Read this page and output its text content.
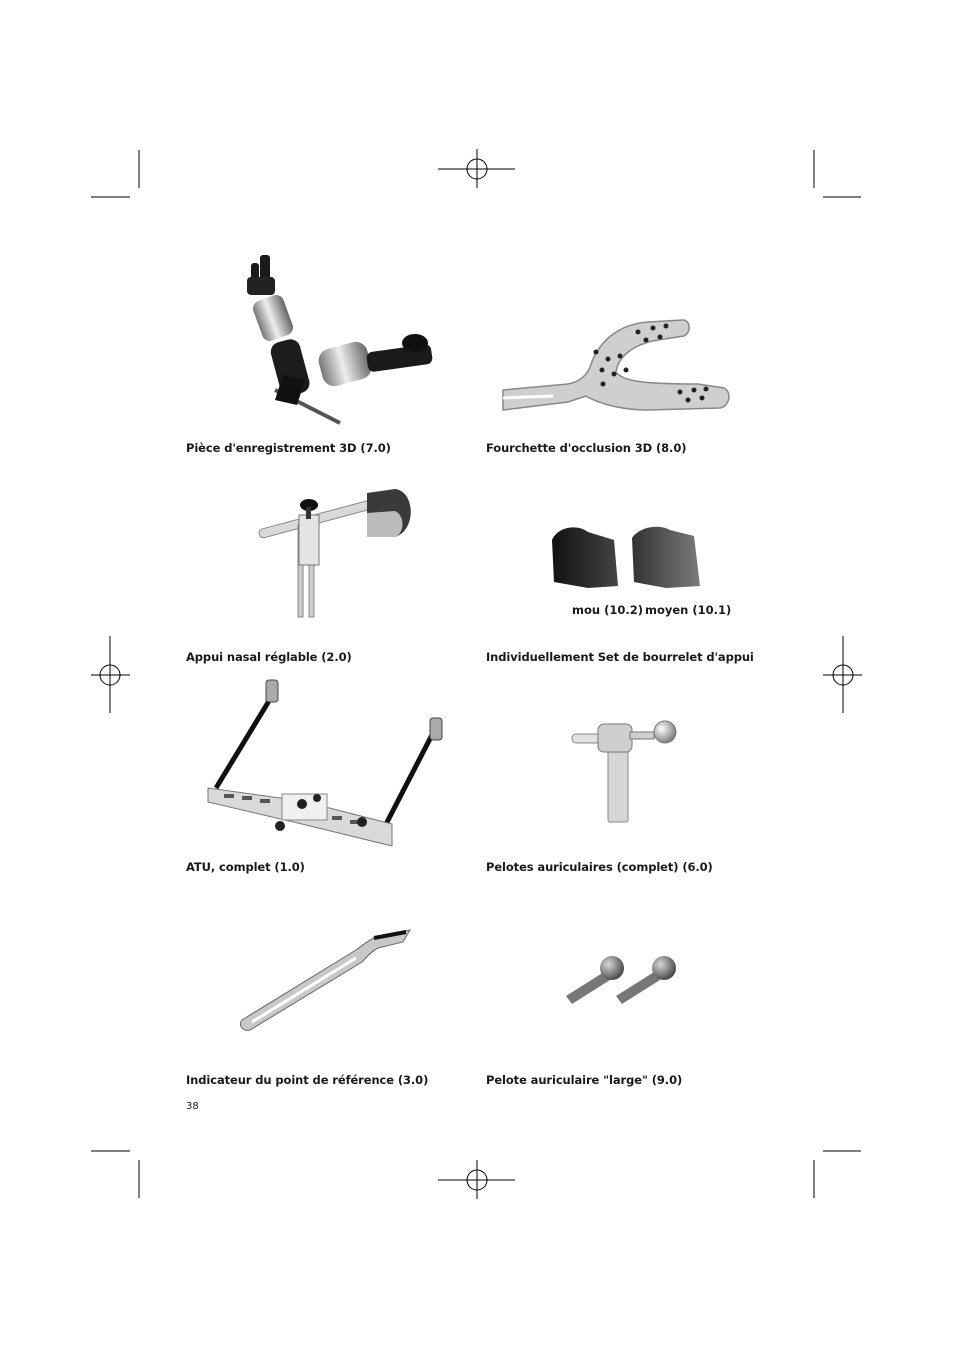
Pièce d'enregistrement 3D (7.0)	Fourchette d'occlusion 3D (8.0)
Appui nasal réglable (2.0)
mou (10.2) moyen (10.1)
Individuellement Set de bourrelet d'appui
ATU, complet (1.0)	Pelotes auriculaires (complet) (6.0)
Indicateur du point de référence (3.0)	Pelote auriculaire "large" (9.0)
38
